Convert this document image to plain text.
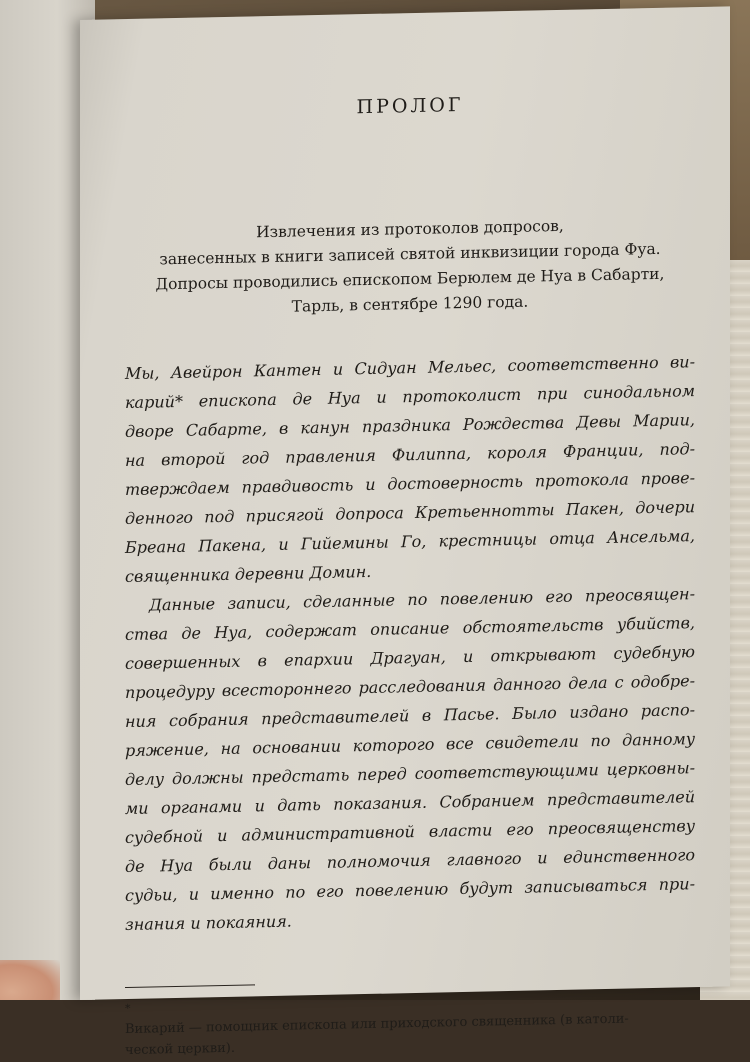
ПРОЛОГ
Извлечения из протоколов допросов,
занесенных в книги записей святой инквизиции города Фуа.
Допросы проводились епископом Берюлем де Нуа в Сабарти,
Тарль, в сентябре 1290 года.
Мы, Авейрон Кантен и Сидуан Мельес, соответственно ви-
карий* епископа де Нуа и протоколист при синодальном
дворе Сабарте, в канун праздника Рождества Девы Марии,
на второй год правления Филиппа, короля Франции, под-
тверждаем правдивость и достоверность протокола прове-
денного под присягой допроса Кретьеннотты Пакен, дочери
Бреана Пакена, и Гийемины Го, крестницы отца Ансельма,
священника деревни Домин.
Данные записи, сделанные по повелению его преосвящен-
ства де Нуа, содержат описание обстоятельств убийств,
совершенных в епархии Драгуан, и открывают судебную
процедуру всестороннего расследования данного дела с одобре-
ния собрания представителей в Пасье. Было издано распо-
ряжение, на основании которого все свидетели по данному
делу должны предстать перед соответствующими церковны-
ми органами и дать показания. Собранием представителей
судебной и административной власти его преосвященству
де Нуа были даны полномочия главного и единственного
судьи, и именно по его повелению будут записываться при-
знания и покаяния.

*
Викарий — помощник епископа или приходского священника (в католи-
ческой церкви).
